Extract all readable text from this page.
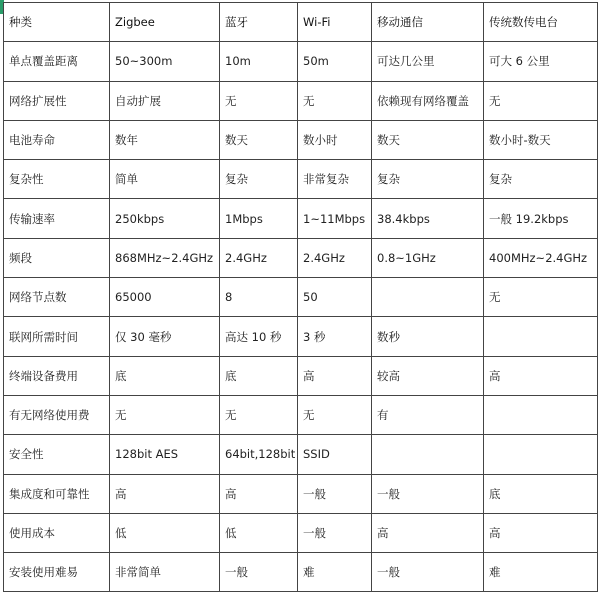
种类	Zigbee	蓝牙	Wi-Fi	移动通信	传统数传电台
单点覆盖距离	50~300m	10m	50m	可达几公里	可大 6 公里
网络扩展性	自动扩展	无	无	依赖现有网络覆盖	无
电池寿命	数年	数天	数小时	数天	数小时-数天
复杂性	简单	复杂	非常复杂	复杂	复杂
传输速率	250kbps	1Mbps	1~11Mbps	38.4kbps	一般 19.2kbps
频段	868MHz~2.4GHz	2.4GHz	2.4GHz	0.8~1GHz	400MHz~2.4GHz
网络节点数	65000	8	50		无
联网所需时间	仅 30 毫秒	高达 10 秒	3 秒	数秒	
终端设备费用	底	底	高	较高	高
有无网络使用费	无	无	无	有	
安全性	128bit AES	64bit,128bit	SSID		
集成度和可靠性	高	高	一般	一般	底
使用成本	低	低	一般	高	高
安装使用难易	非常简单	一般	难	一般	难
